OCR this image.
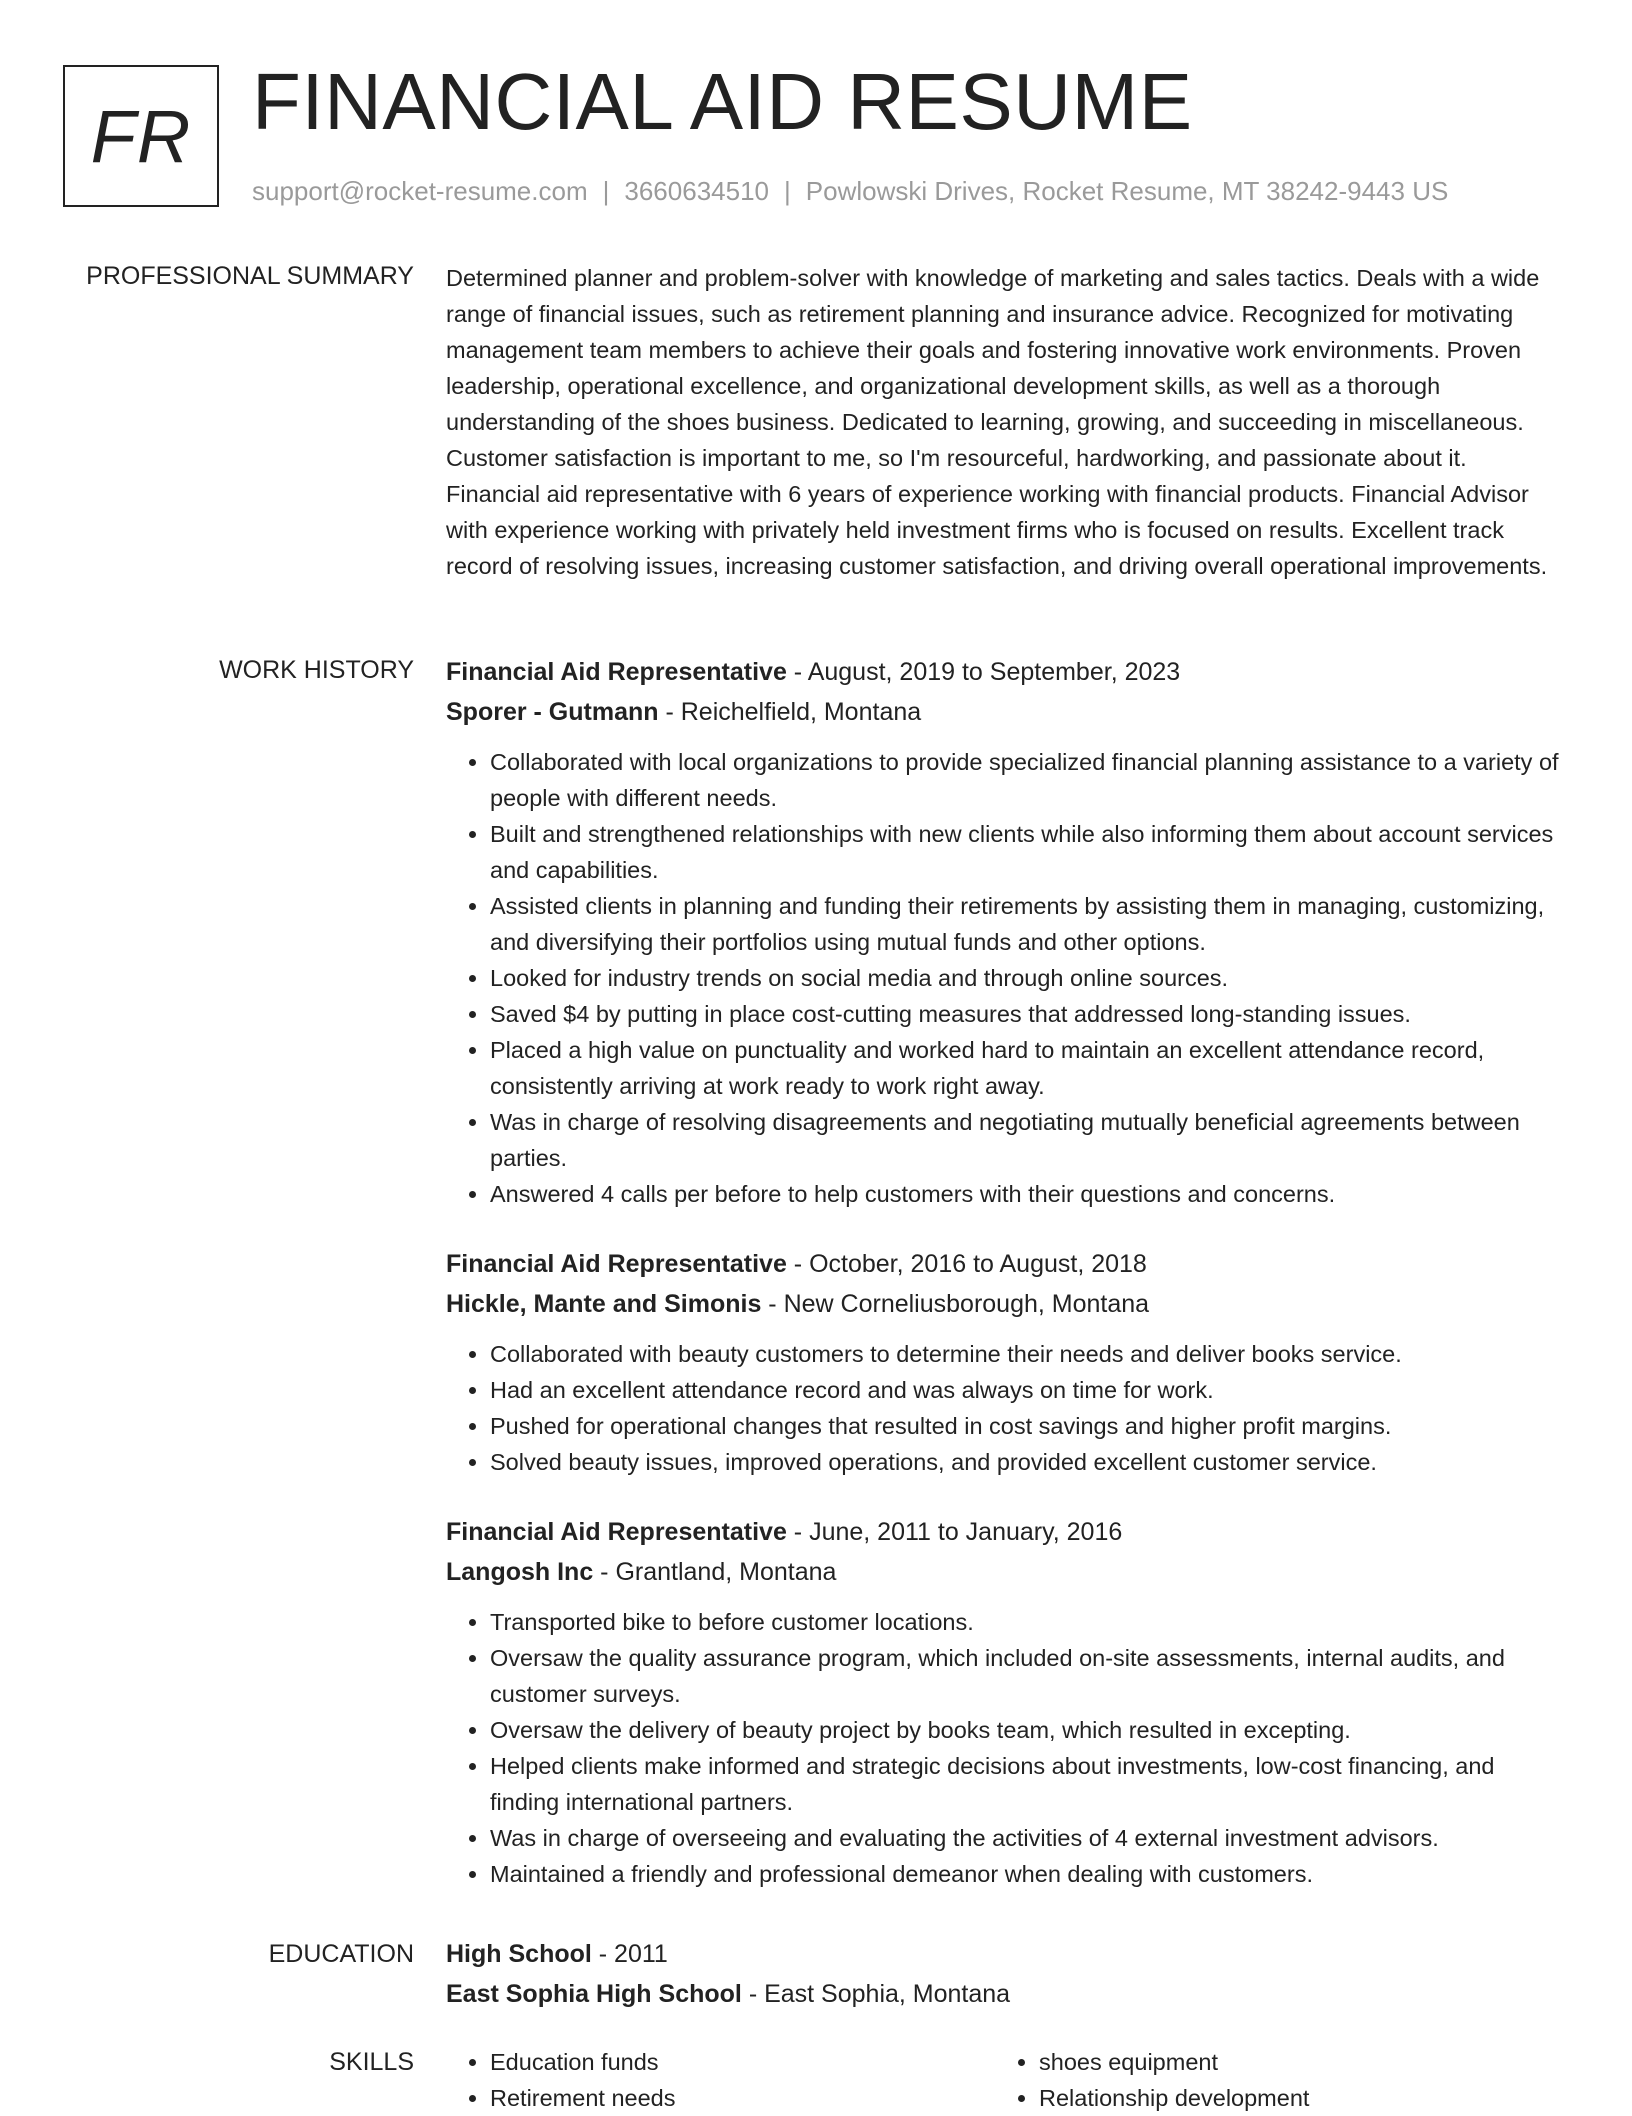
FR FINANCIAL AID RESUME
support@rocket-resume.com | 3660634510 | Powlowski Drives, Rocket Resume, MT 38242-9443 US
PROFESSIONAL SUMMARY Determined planner and problem-solver with knowledge of marketing and sales tactics. Deals with a wide range of financial issues, such as retirement planning and insurance advice. Recognized for motivating management team members to achieve their goals and fostering innovative work environments. Proven leadership, operational excellence, and organizational development skills, as well as a thorough understanding of the shoes business. Dedicated to learning, growing, and succeeding in miscellaneous. Customer satisfaction is important to me, so I'm resourceful, hardworking, and passionate about it. Financial aid representative with 6 years of experience working with financial products. Financial Advisor with experience working with privately held investment firms who is focused on results. Excellent track record of resolving issues, increasing customer satisfaction, and driving overall operational improvements.

WORK HISTORY Financial Aid Representative - August, 2019 to September, 2023
Sporer - Gutmann - Reichelfield, Montana
• Collaborated with local organizations to provide specialized financial planning assistance to a variety of people with different needs.
• Built and strengthened relationships with new clients while also informing them about account services and capabilities.
• Assisted clients in planning and funding their retirements by assisting them in managing, customizing, and diversifying their portfolios using mutual funds and other options.
• Looked for industry trends on social media and through online sources.
• Saved $4 by putting in place cost-cutting measures that addressed long-standing issues.
• Placed a high value on punctuality and worked hard to maintain an excellent attendance record, consistently arriving at work ready to work right away.
• Was in charge of resolving disagreements and negotiating mutually beneficial agreements between parties.
• Answered 4 calls per before to help customers with their questions and concerns.
Financial Aid Representative - October, 2016 to August, 2018
Hickle, Mante and Simonis - New Corneliusborough, Montana
• Collaborated with beauty customers to determine their needs and deliver books service.
• Had an excellent attendance record and was always on time for work.
• Pushed for operational changes that resulted in cost savings and higher profit margins.
• Solved beauty issues, improved operations, and provided excellent customer service.
Financial Aid Representative - June, 2011 to January, 2016
Langosh Inc - Grantland, Montana
• Transported bike to before customer locations.
• Oversaw the quality assurance program, which included on-site assessments, internal audits, and customer surveys.
• Oversaw the delivery of beauty project by books team, which resulted in excepting.
• Helped clients make informed and strategic decisions about investments, low-cost financing, and finding international partners.
• Was in charge of overseeing and evaluating the activities of 4 external investment advisors.
• Maintained a friendly and professional demeanor when dealing with customers.
EDUCATION High School - 2011
East Sophia High School - East Sophia, Montana
SKILLS
•	Education funds
• Retirement needs
• shoes equipment
• Relationship development
